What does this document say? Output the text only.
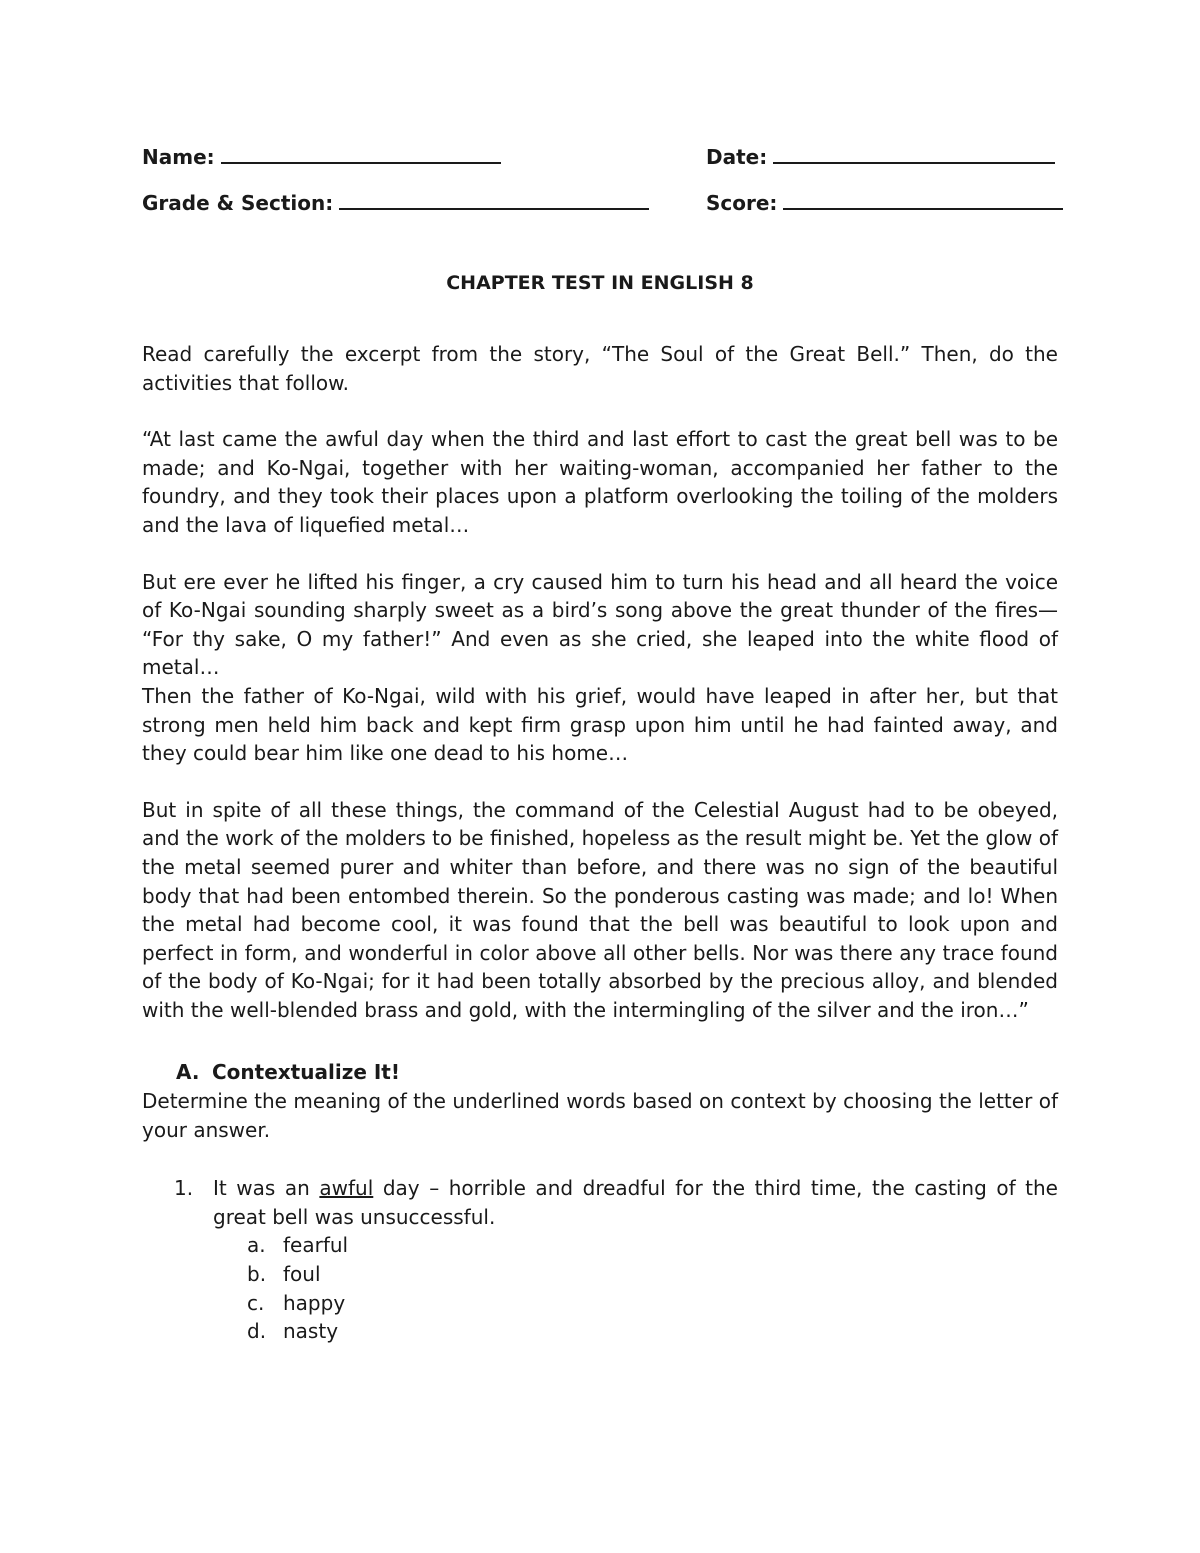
Name:	Date:
Grade & Section:	Score:
CHAPTER TEST IN ENGLISH 8

Read carefully the excerpt from the story, “The Soul of the Great Bell.” Then, do the activities that follow.

“At last came the awful day when the third and last effort to cast the great bell was to be made; and Ko-Ngai, together with her waiting-woman, accompanied her father to the foundry, and they took their places upon a platform overlooking the toiling of the molders and the lava of liquefied metal…

But ere ever he lifted his finger, a cry caused him to turn his head and all heard the voice of Ko-Ngai sounding sharply sweet as a bird’s song above the great thunder of the fires— “For thy sake, O my father!” And even as she cried, she leaped into the white flood of metal…

Then the father of Ko-Ngai, wild with his grief, would have leaped in after her, but that strong men held him back and kept firm grasp upon him until he had fainted away, and they could bear him like one dead to his home…

But in spite of all these things, the command of the Celestial August had to be obeyed, and the work of the molders to be finished, hopeless as the result might be. Yet the glow of the metal seemed purer and whiter than before, and there was no sign of the beautiful body that had been entombed therein. So the ponderous casting was made; and lo! When the metal had become cool, it was found that the bell was beautiful to look upon and perfect in form, and wonderful in color above all other bells. Nor was there any trace found of the body of Ko-Ngai; for it had been totally absorbed by the precious alloy, and blended with the well-blended brass and gold, with the intermingling of the silver and the iron…”

A. Contextualize It!

Determine the meaning of the underlined words based on context by choosing the letter of your answer.

1. It was an awful day – horrible and dreadful for the third time, the casting of the great bell was unsuccessful.
a. fearful
b. foul
c. happy
d. nasty
